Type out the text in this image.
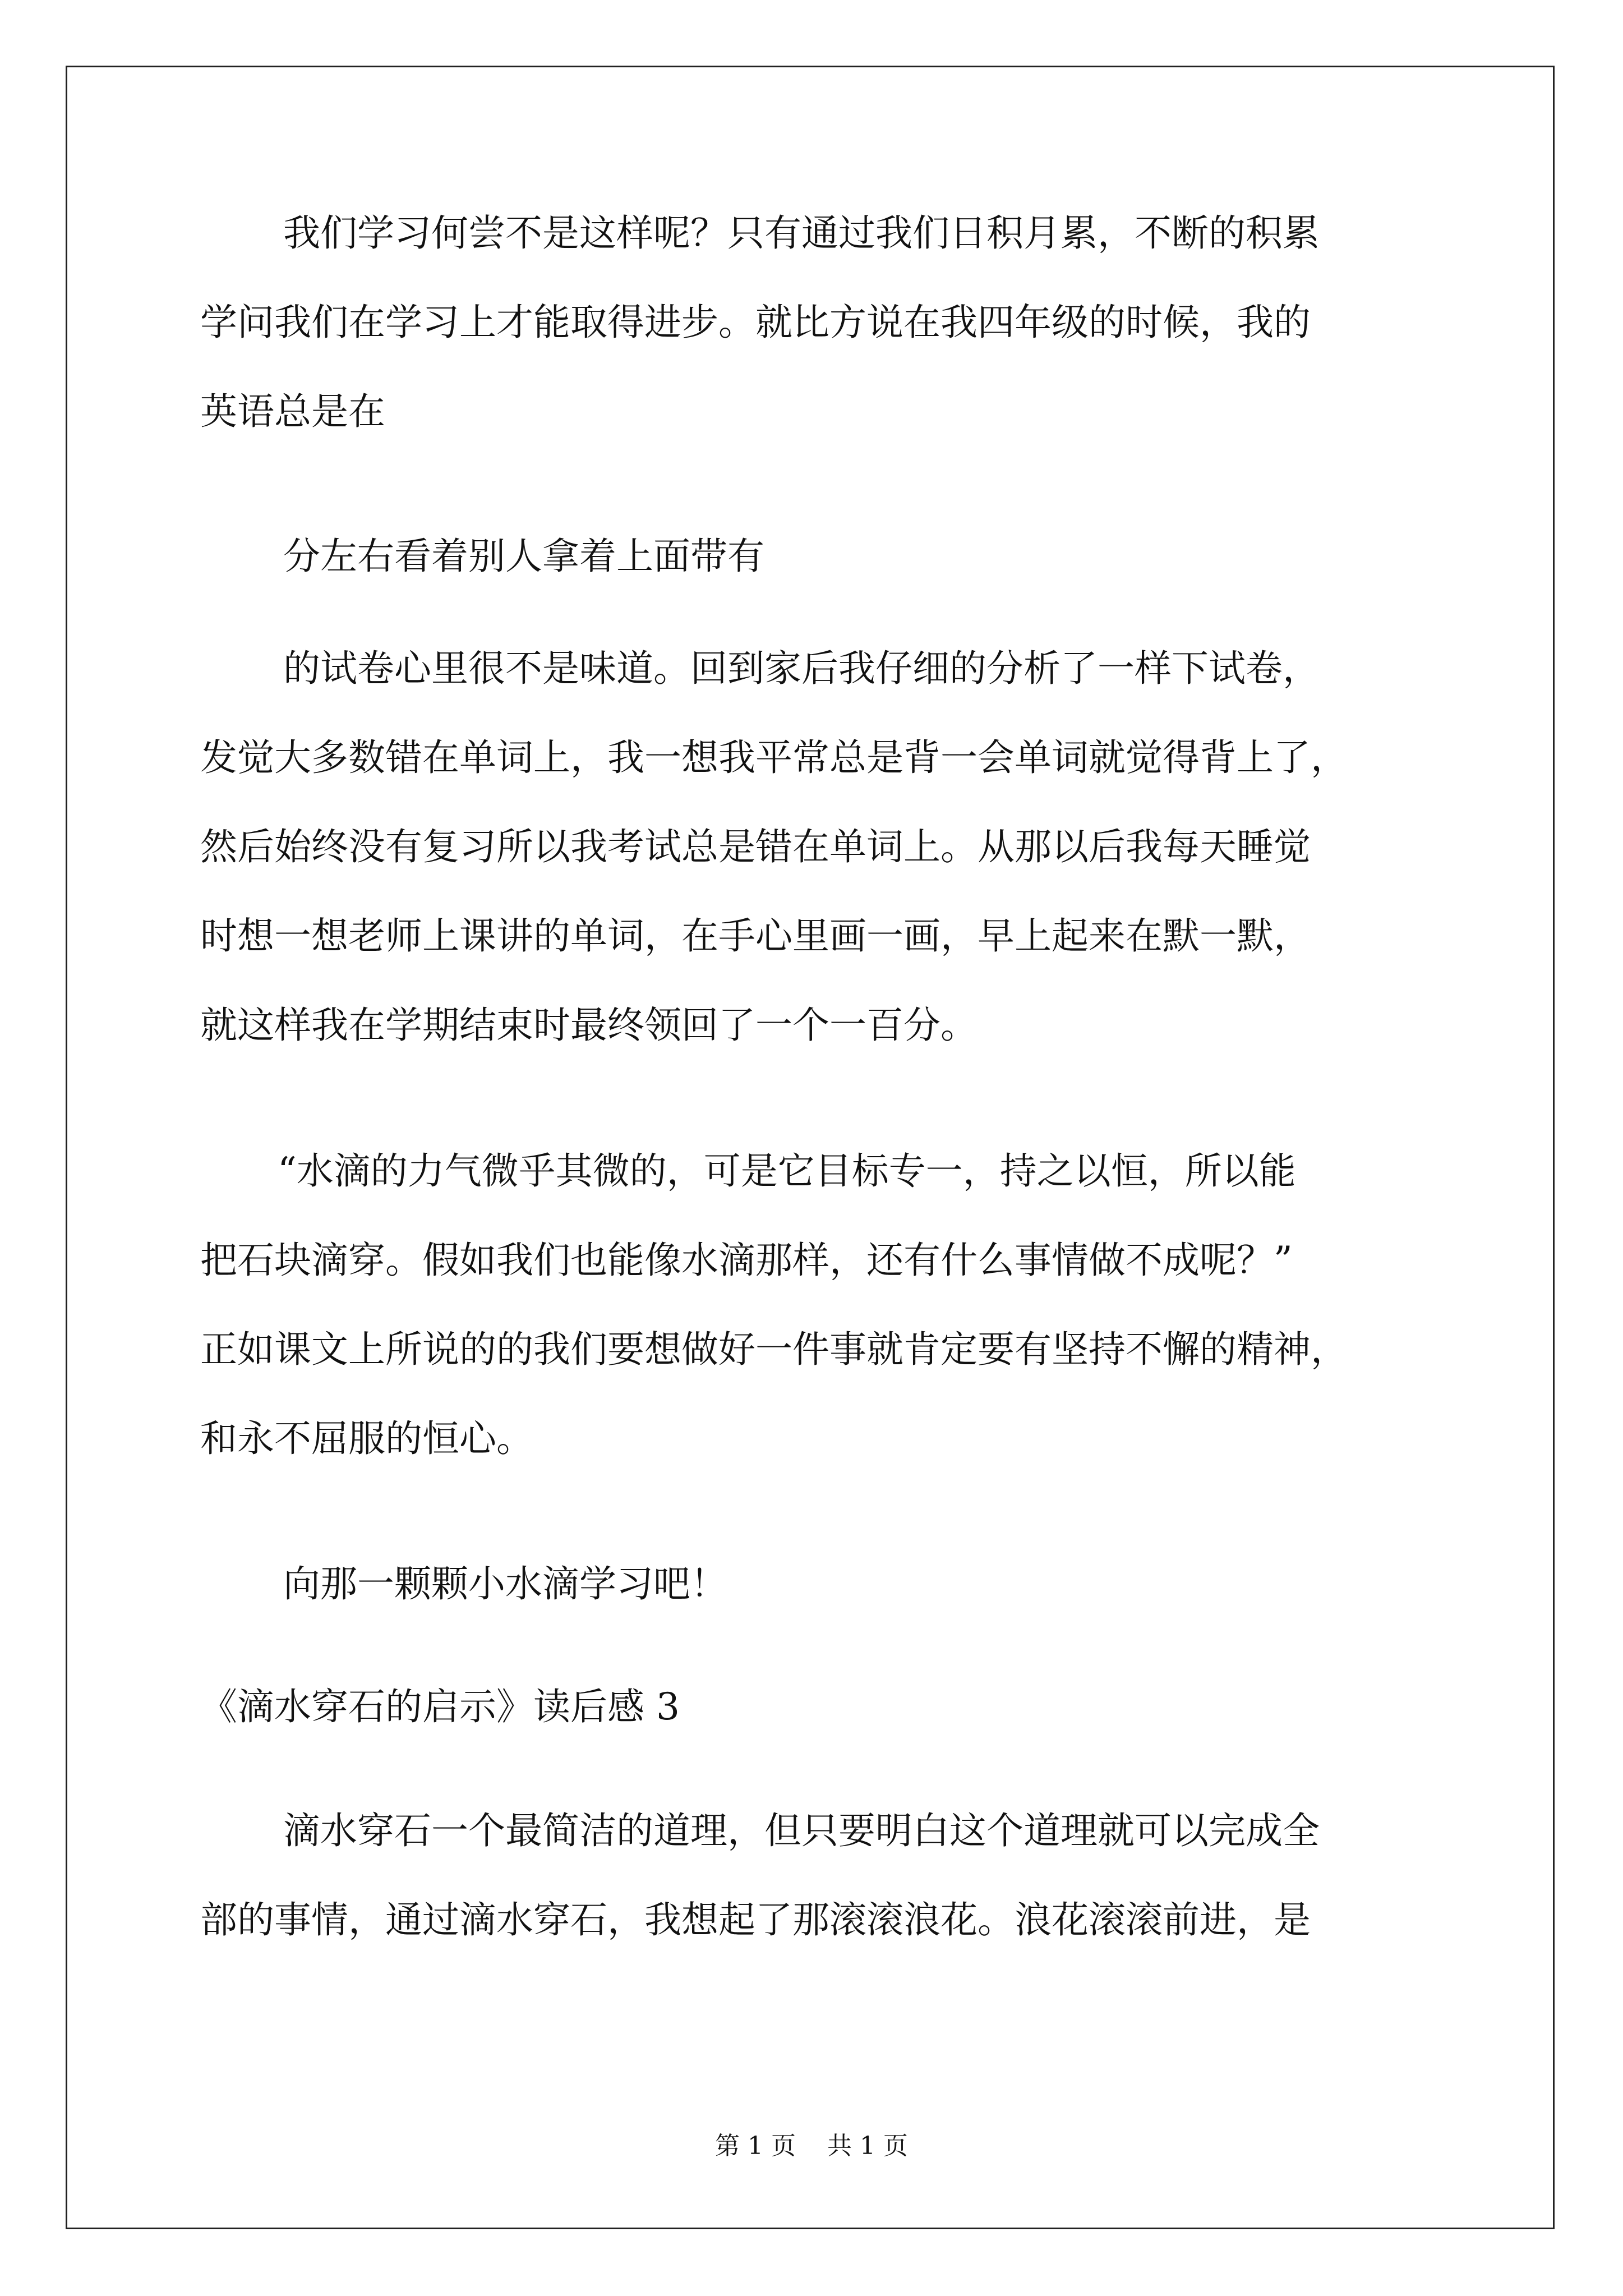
我们学习何尝不是这样呢？只有通过我们日积月累，不断的积累
学问我们在学习上才能取得进步。就比方说在我四年级的时候，我的
英语总是在
分左右看着别人拿着上面带有
的试卷心里很不是味道。回到家后我仔细的分析了一样下试卷，
发觉大多数错在单词上，我一想我平常总是背一会单词就觉得背上了，
然后始终没有复习所以我考试总是错在单词上。从那以后我每天睡觉
时想一想老师上课讲的单词，在手心里画一画，早上起来在默一默，
就这样我在学期结束时最终领回了一个一百分。
“水滴的力气微乎其微的，可是它目标专一，持之以恒，所以能
把石块滴穿。假如我们也能像水滴那样，还有什么事情做不成呢？”
正如课文上所说的的我们要想做好一件事就肯定要有坚持不懈的精神，
和永不屈服的恒心。
向那一颗颗小水滴学习吧！
《滴水穿石的启示》读后感 3
滴水穿石一个最简洁的道理，但只要明白这个道理就可以完成全
部的事情，通过滴水穿石，我想起了那滚滚浪花。浪花滚滚前进，是
第 1 页    共 1 页
